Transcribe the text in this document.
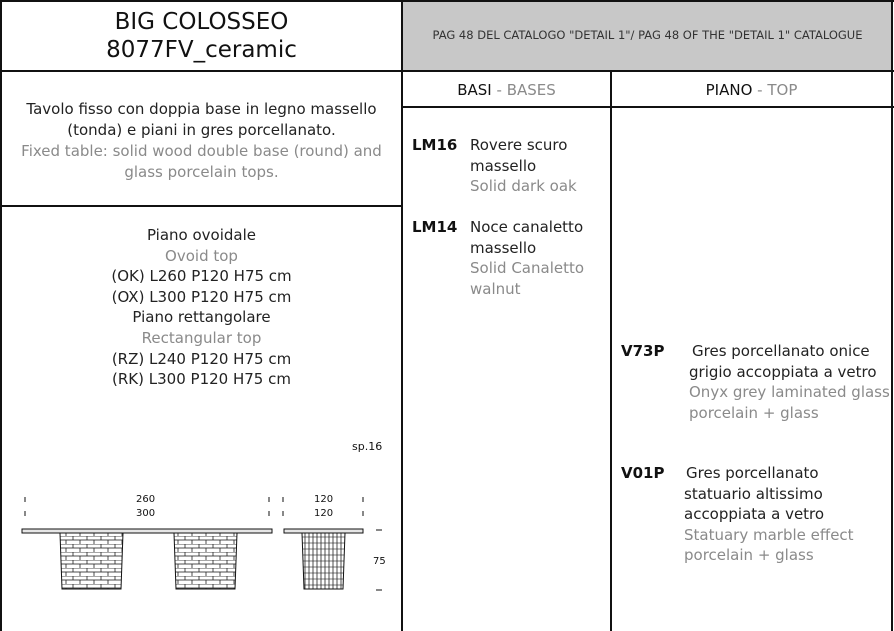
BIG COLOSSEO
8077FV_ceramic
PAG 48 DEL CATALOGO "DETAIL 1"/ PAG 48 OF THE "DETAIL 1" CATALOGUE
Tavolo fisso con doppia base in legno massello
(tonda) e piani in gres porcellanato.
Fixed table: solid wood double base (round) and
glass porcelain tops.
Piano ovoidale
Ovoid top
(OK) L260 P120 H75 cm
(OX) L300 P120 H75 cm
Piano rettangolare
Rectangular top
(RZ) L240 P120 H75 cm
(RK) L300 P120 H75 cm
sp.16
260
300
120
120
75
BASI - BASES	PIANO - TOP
LM16 Rovere scuro
massello
Solid dark oak
LM14 Noce canaletto
massello
Solid Canaletto
walnut
V73P Gres porcellanato onice
grigio accoppiata a vetro
Onyx grey laminated glass
porcelain + glass
V01P Gres porcellanato
statuario altissimo
accoppiata a vetro
Statuary marble effect
porcelain + glass
